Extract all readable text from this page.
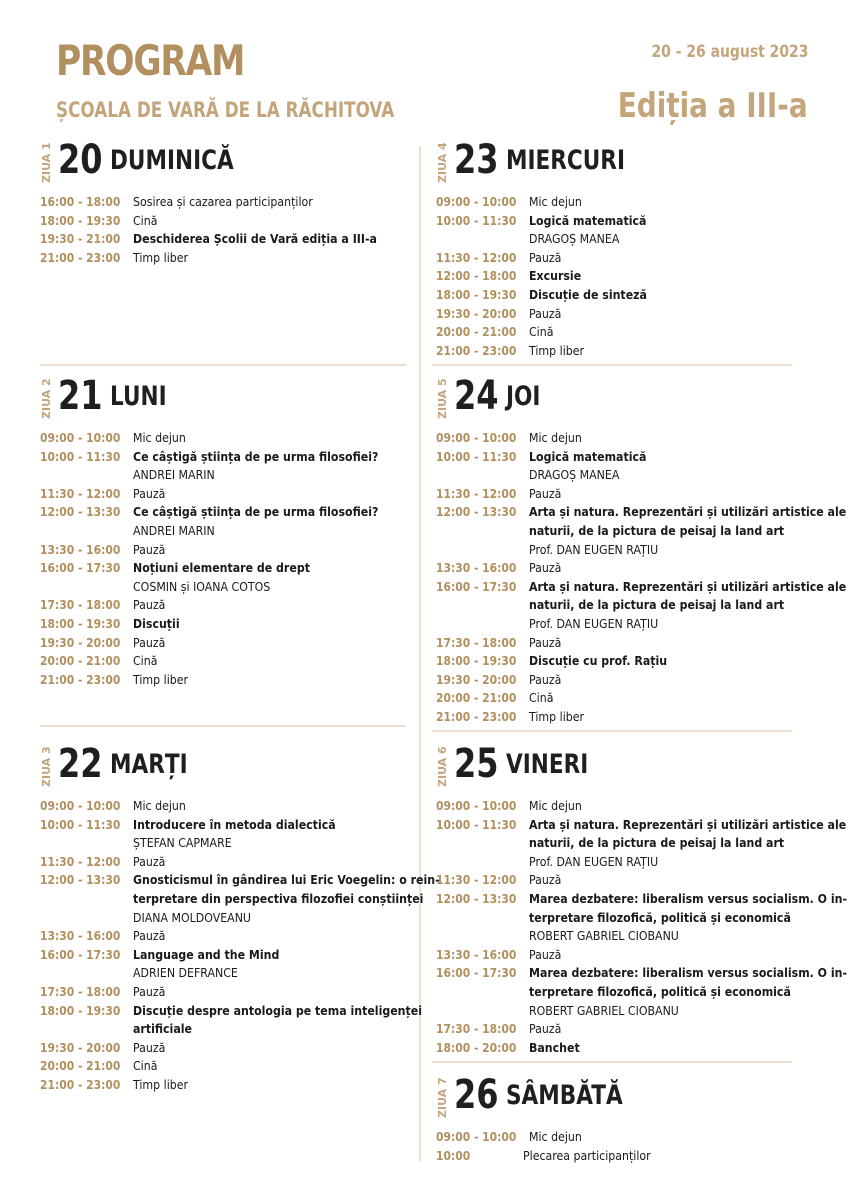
PROGRAM
ȘCOALA DE VARĂ DE LA RĂCHITOVA
20 - 26 august 2023
Ediția a III-a
ZIUA 1 20 DUMINICĂ
16:00 - 18:00 Sosirea și cazarea participanților
18:00 - 19:30 Cină
19:30 - 21:00 Deschiderea Școlii de Vară ediția a III-a
21:00 - 23:00 Timp liber
ZIUA 2 21 LUNI
09:00 - 10:00 Mic dejun
10:00 - 11:30 Ce câștigă știința de pe urma filosofiei?
ANDREI MARIN
11:30 - 12:00 Pauză
12:00 - 13:30 Ce câștigă știința de pe urma filosofiei?
ANDREI MARIN
13:30 - 16:00 Pauză
16:00 - 17:30 Noțiuni elementare de drept
COSMIN și IOANA COTOS
17:30 - 18:00 Pauză
18:00 - 19:30 Discuții
19:30 - 20:00 Pauză
20:00 - 21:00 Cină
21:00 - 23:00 Timp liber
ZIUA 3 22 MARȚI
09:00 - 10:00 Mic dejun
10:00 - 11:30 Introducere în metoda dialectică
ȘTEFAN CAPMARE
11:30 - 12:00 Pauză
12:00 - 13:30 Gnosticismul în gândirea lui Eric Voegelin: o rein-
terpretare din perspectiva filozofiei conștiinței
DIANA MOLDOVEANU
13:30 - 16:00 Pauză
16:00 - 17:30 Language and the Mind
ADRIEN DEFRANCE
17:30 - 18:00 Pauză
18:00 - 19:30 Discuție despre antologia pe tema inteligenței
artificiale
19:30 - 20:00 Pauză
20:00 - 21:00 Cină
21:00 - 23:00 Timp liber
ZIUA 4 23 MIERCURI
09:00 - 10:00 Mic dejun
10:00 - 11:30 Logică matematică
DRAGOȘ MANEA
11:30 - 12:00 Pauză
12:00 - 18:00 Excursie
18:00 - 19:30 Discuție de sinteză
19:30 - 20:00 Pauză
20:00 - 21:00 Cină
21:00 - 23:00 Timp liber
ZIUA 5 24 JOI
09:00 - 10:00 Mic dejun
10:00 - 11:30 Logică matematică
DRAGOȘ MANEA
11:30 - 12:00 Pauză
12:00 - 13:30 Arta și natura. Reprezentări și utilizări artistice ale
naturii, de la pictura de peisaj la land art
Prof. DAN EUGEN RAȚIU
13:30 - 16:00 Pauză
16:00 - 17:30 Arta și natura. Reprezentări și utilizări artistice ale
naturii, de la pictura de peisaj la land art
Prof. DAN EUGEN RAȚIU
17:30 - 18:00 Pauză
18:00 - 19:30 Discuție cu prof. Rațiu
19:30 - 20:00 Pauză
20:00 - 21:00 Cină
21:00 - 23:00 Timp liber
ZIUA 6 25 VINERI
09:00 - 10:00 Mic dejun
10:00 - 11:30 Arta și natura. Reprezentări și utilizări artistice ale
naturii, de la pictura de peisaj la land art
Prof. DAN EUGEN RAȚIU
11:30 - 12:00 Pauză
12:00 - 13:30 Marea dezbatere: liberalism versus socialism. O in-
terpretare filozofică, politică și economică
ROBERT GABRIEL CIOBANU
13:30 - 16:00 Pauză
16:00 - 17:30 Marea dezbatere: liberalism versus socialism. O in-
terpretare filozofică, politică și economică
ROBERT GABRIEL CIOBANU
17:30 - 18:00 Pauză
18:00 - 20:00 Banchet
ZIUA 7 26 SÂMBĂTĂ
09:00 - 10:00 Mic dejun
10:00	Plecarea participanților
